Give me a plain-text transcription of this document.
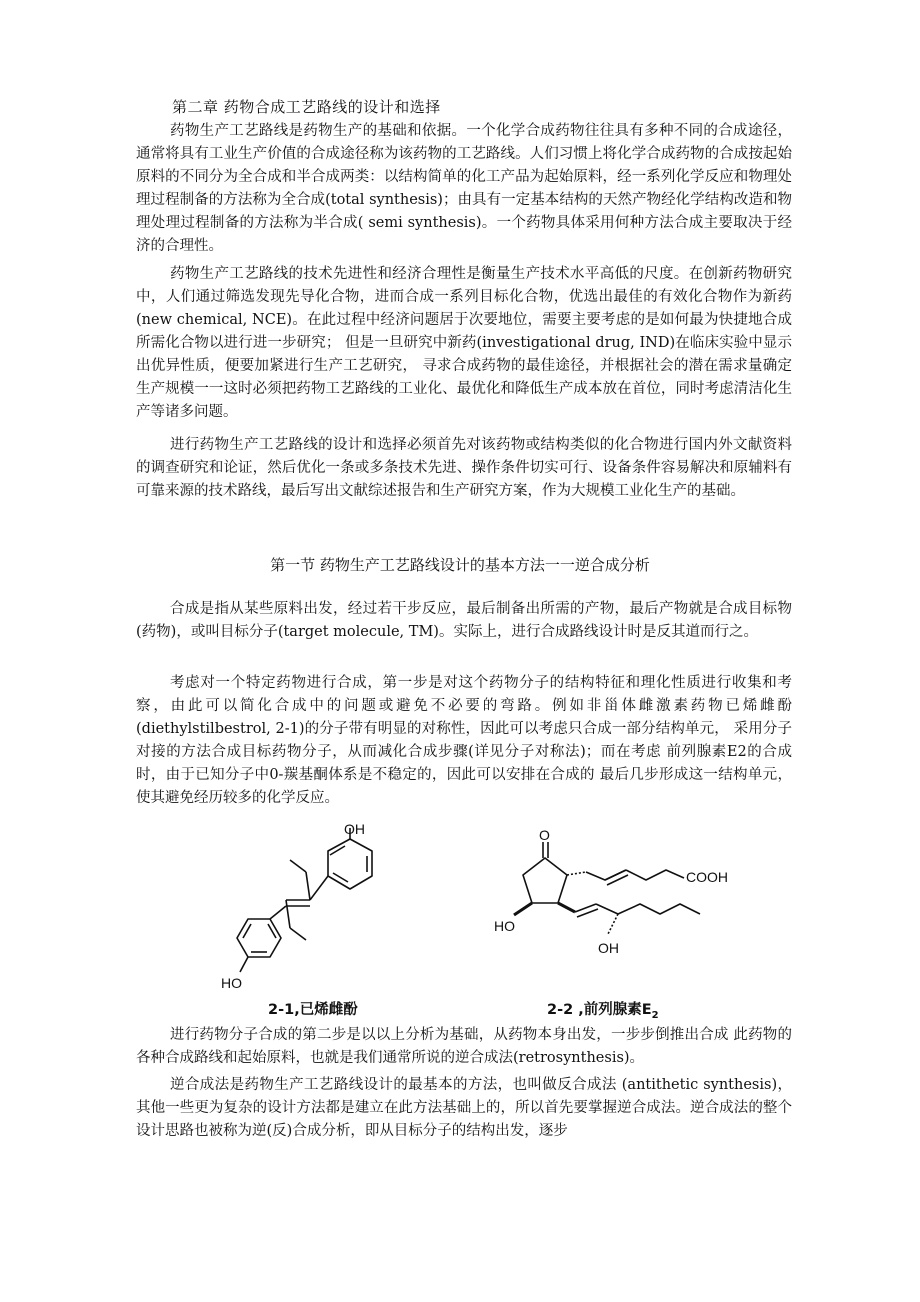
第二章 药物合成工艺路线的设计和选择

药物生产工艺路线是药物生产的基础和依据。一个化学合成药物往往具有多种不同的合成途径，通常将具有工业生产价值的合成途径称为该药物的工艺路线。人们习惯上将化学合成药物的合成按起始原料的不同分为全合成和半合成两类：以结构简单的化工产品为起始原料，经一系列化学反应和物理处理过程制备的方法称为全合成(total synthesis)；由具有一定基本结构的天然产物经化学结构改造和物理处理过程制备的方法称为半合成( semi synthesis)。一个药物具体采用何种方法合成主要取决于经济的合理性。

药物生产工艺路线的技术先进性和经济合理性是衡量生产技术水平高低的尺度。在创新药物研究中，人们通过筛选发现先导化合物，进而合成一系列目标化合物，优选出最佳的有效化合物作为新药(new chemical, NCE)。在此过程中经济问题居于次要地位，需要主要考虑的是如何最为快捷地合成所需化合物以进行进一步研究； 但是一旦研究中新药(investigational drug, IND)在临床实验中显示出优异性质，便要加紧进行生产工艺研究， 寻求合成药物的最佳途径，并根据社会的潜在需求量确定生产规模一一这时必须把药物工艺路线的工业化、最优化和降低生产成本放在首位，同时考虑清洁化生产等诸多问题。

进行药物生产工艺路线的设计和选择必须首先对该药物或结构类似的化合物进行国内外文献资料的调查研究和论证，然后优化一条或多条技术先进、操作条件切实可行、设备条件容易解决和原辅料有可靠来源的技术路线，最后写出文献综述报告和生产研究方案，作为大规模工业化生产的基础。

第一节 药物生产工艺路线设计的基本方法一一逆合成分析

合成是指从某些原料出发，经过若干步反应，最后制备出所需的产物，最后产物就是合成目标物(药物)，或叫目标分子(target molecule, TM)。实际上，进行合成路线设计时是反其道而行之。

考虑对一个特定药物进行合成，第一步是对这个药物分子的结构特征和理化性质进行收集和考察，由此可以简化合成中的问题或避免不必要的弯路。例如非甾体雌激素药物已烯雌酚(diethylstilbestrol, 2-1)的分子带有明显的对称性，因此可以考虑只合成一部分结构单元， 采用分子对接的方法合成目标药物分子，从而减化合成步骤(详见分子对称法)；而在考虑 前列腺素E2的合成时，由于已知分子中0-羰基酮体系是不稳定的，因此可以安排在合成的 最后几步形成这一结构单元，使其避免经历较多的化学反应。

OH
HO
O
COOH
HO
OH
2-1,已烯雌酚	2-2 ,前列腺素$E_2$

进行药物分子合成的第二步是以以上分析为基础，从药物本身出发，一步步倒推出合成 此药物的各种合成路线和起始原料，也就是我们通常所说的逆合成法(retrosynthesis)。

逆合成法是药物生产工艺路线设计的最基本的方法，也叫做反合成法 (antithetic synthesis)，其他一些更为复杂的设计方法都是建立在此方法基础上的，所以首先要掌握逆合成法。逆合成法的整个设计思路也被称为逆(反)合成分析，即从目标分子的结构出发，逐步
